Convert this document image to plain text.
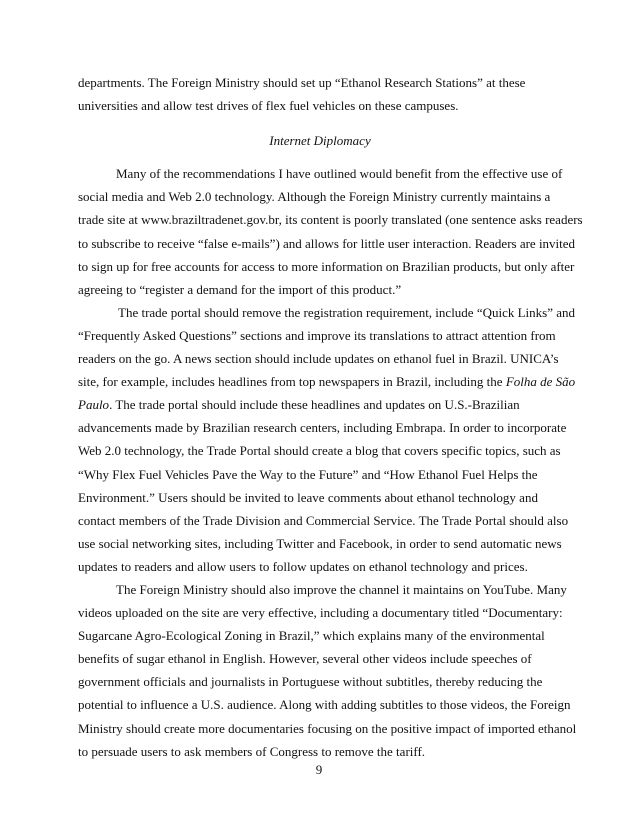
departments. The Foreign Ministry should set up “Ethanol Research Stations” at these
universities and allow test drives of flex fuel vehicles on these campuses.
Internet Diplomacy
Many of the recommendations I have outlined would benefit from the effective use of
social media and Web 2.0 technology. Although the Foreign Ministry currently maintains a
trade site at www.braziltradenet.gov.br, its content is poorly translated (one sentence asks readers
to subscribe to receive “false e-mails”) and allows for little user interaction. Readers are invited
to sign up for free accounts for access to more information on Brazilian products, but only after
agreeing to “register a demand for the import of this product.”
The trade portal should remove the registration requirement, include “Quick Links” and
“Frequently Asked Questions” sections and improve its translations to attract attention from
readers on the go. A news section should include updates on ethanol fuel in Brazil. UNICA’s
site, for example, includes headlines from top newspapers in Brazil, including the Folha de São
Paulo. The trade portal should include these headlines and updates on U.S.-Brazilian
advancements made by Brazilian research centers, including Embrapa. In order to incorporate
Web 2.0 technology, the Trade Portal should create a blog that covers specific topics, such as
“Why Flex Fuel Vehicles Pave the Way to the Future” and “How Ethanol Fuel Helps the
Environment.” Users should be invited to leave comments about ethanol technology and
contact members of the Trade Division and Commercial Service. The Trade Portal should also
use social networking sites, including Twitter and Facebook, in order to send automatic news
updates to readers and allow users to follow updates on ethanol technology and prices.
The Foreign Ministry should also improve the channel it maintains on YouTube. Many
videos uploaded on the site are very effective, including a documentary titled “Documentary:
Sugarcane Agro-Ecological Zoning in Brazil,” which explains many of the environmental
benefits of sugar ethanol in English. However, several other videos include speeches of
government officials and journalists in Portuguese without subtitles, thereby reducing the
potential to influence a U.S. audience. Along with adding subtitles to those videos, the Foreign
Ministry should create more documentaries focusing on the positive impact of imported ethanol
to persuade users to ask members of Congress to remove the tariff.
9
